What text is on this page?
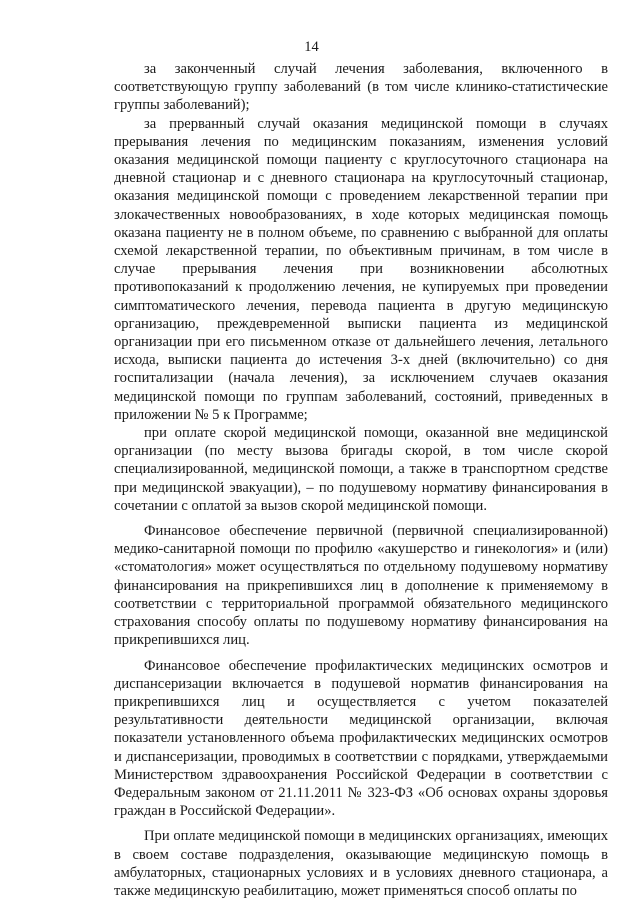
14

за законченный случай лечения заболевания, включенного в соответствующую группу заболеваний (в том числе клинико-статистические группы заболеваний);

за прерванный случай оказания медицинской помощи в случаях прерывания лечения по медицинским показаниям, изменения условий оказания медицинской помощи пациенту с круглосуточного стационара на дневной стационар и с дневного стационара на круглосуточный стационар, оказания медицинской помощи с проведением лекарственной терапии при злокачественных новообразованиях, в ходе которых медицинская помощь оказана пациенту не в полном объеме, по сравнению с выбранной для оплаты схемой лекарственной терапии, по объективным причинам, в том числе в случае прерывания лечения при возникновении абсолютных противопоказаний к продолжению лечения, не купируемых при проведении симптоматического лечения, перевода пациента в другую медицинскую организацию, преждевременной выписки пациента из медицинской организации при его письменном отказе от дальнейшего лечения, летального исхода, выписки пациента до истечения 3-х дней (включительно) со дня госпитализации (начала лечения), за исключением случаев оказания медицинской помощи по группам заболеваний, состояний, приведенных в приложении № 5 к Программе;

при оплате скорой медицинской помощи, оказанной вне медицинской организации (по месту вызова бригады скорой, в том числе скорой специализированной, медицинской помощи, а также в транспортном средстве при медицинской эвакуации), – по подушевому нормативу финансирования в сочетании с оплатой за вызов скорой медицинской помощи.

Финансовое обеспечение первичной (первичной специализированной) медико-санитарной помощи по профилю «акушерство и гинекология» и (или) «стоматология» может осуществляться по отдельному подушевому нормативу финансирования на прикрепившихся лиц в дополнение к применяемому в соответствии с территориальной программой обязательного медицинского страхования способу оплаты по подушевому нормативу финансирования на прикрепившихся лиц.

Финансовое обеспечение профилактических медицинских осмотров и диспансеризации включается в подушевой норматив финансирования на прикрепившихся лиц и осуществляется с учетом показателей результативности деятельности медицинской организации, включая показатели установленного объема профилактических медицинских осмотров и диспансеризации, проводимых в соответствии с порядками, утверждаемыми Министерством здравоохранения Российской Федерации в соответствии с Федеральным законом от 21.11.2011 № 323-ФЗ «Об основах охраны здоровья граждан в Российской Федерации».

При оплате медицинской помощи в медицинских организациях, имеющих в своем составе подразделения, оказывающие медицинскую помощь в амбулаторных, стационарных условиях и в условиях дневного стационара, а также медицинскую реабилитацию, может применяться способ оплаты по
